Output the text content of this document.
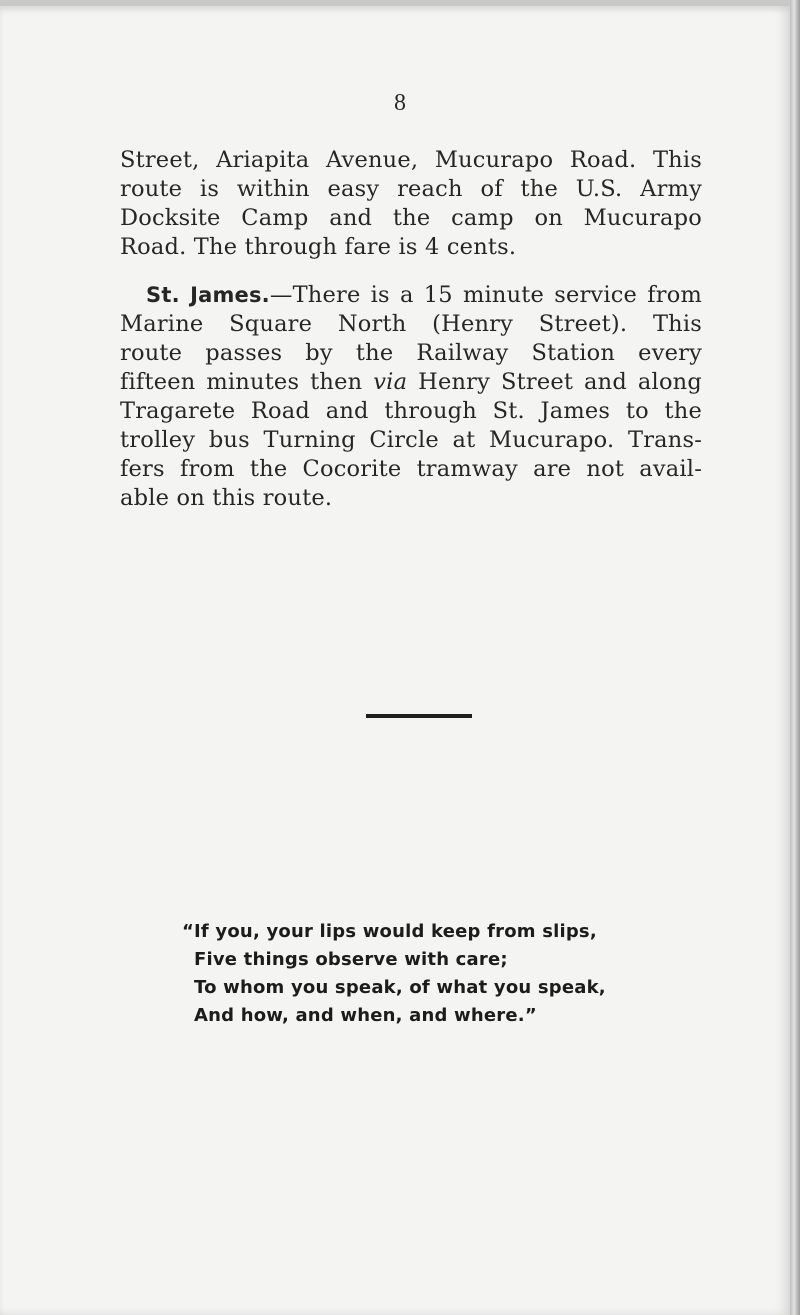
8
Street, Ariapita Avenue, Mucurapo Road. This
route is within easy reach of the U.S. Army
Docksite Camp and the camp on Mucurapo
Road. The through fare is 4 cents.
St. James.—There is a 15 minute service from
Marine Square North (Henry Street). This
route passes by the Railway Station every
fifteen minutes then via Henry Street and along
Tragarete Road and through St. James to the
trolley bus Turning Circle at Mucurapo. Trans-
fers from the Cocorite tramway are not avail-
able on this route.
“If you, your lips would keep from slips,
Five things observe with care;
To whom you speak, of what you speak,
And how, and when, and where.”
